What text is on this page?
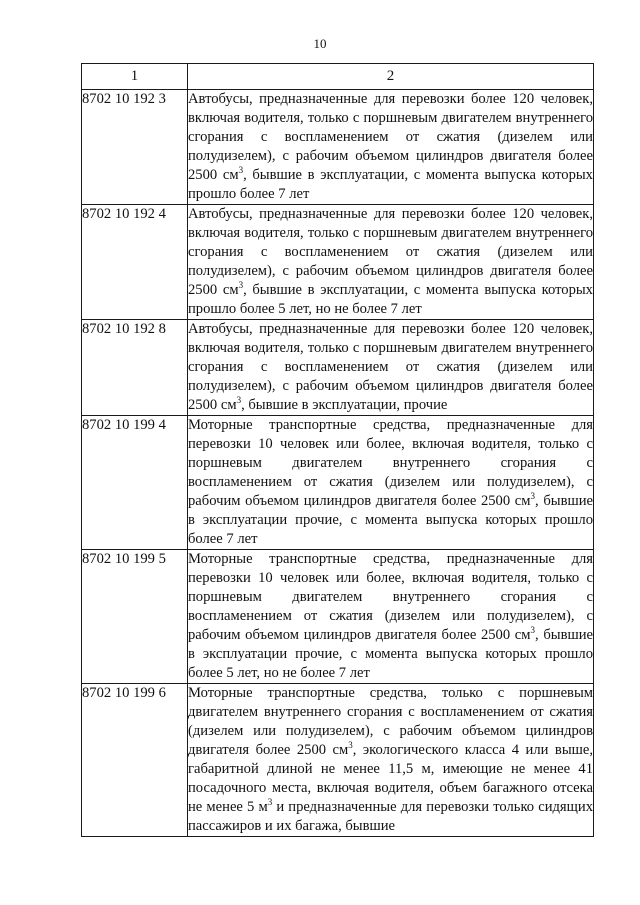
10
1	2
8702 10 192 3	Автобусы, предназначенные для перевозки более 120 человек, включая водителя, только с поршневым двигателем внутреннего сгорания с воспламенением от сжатия (дизелем или полудизелем), с рабочим объемом цилиндров двигателя более 2500 $см^3$, бывшие в эксплуатации, с момента выпуска которых прошло более 7 лет
8702 10 192 4	Автобусы, предназначенные для перевозки более 120 человек, включая водителя, только с поршневым двигателем внутреннего сгорания с воспламенением от сжатия (дизелем или полудизелем), с рабочим объемом цилиндров двигателя более 2500 $см^3$, бывшие в эксплуатации, с момента выпуска которых прошло более 5 лет, но не более 7 лет
8702 10 192 8	Автобусы, предназначенные для перевозки более 120 человек, включая водителя, только с поршневым двигателем внутреннего сгорания с воспламенением от сжатия (дизелем или полудизелем), с рабочим объемом цилиндров двигателя более 2500 $см^3$, бывшие в эксплуатации, прочие
8702 10 199 4	Моторные транспортные средства, предназначенные для перевозки 10 человек или более, включая водителя, только с поршневым двигателем внутреннего сгорания с воспламенением от сжатия (дизелем или полудизелем), с рабочим объемом цилиндров двигателя более 2500 $см^3$, бывшие в эксплуатации прочие, с момента выпуска которых прошло более 7 лет
8702 10 199 5	Моторные транспортные средства, предназначенные для перевозки 10 человек или более, включая водителя, только с поршневым двигателем внутреннего сгорания с воспламенением от сжатия (дизелем или полудизелем), с рабочим объемом цилиндров двигателя более 2500 $см^3$, бывшие в эксплуатации прочие, с момента выпуска которых прошло более 5 лет, но не более 7 лет
8702 10 199 6	Моторные транспортные средства, только с поршневым двигателем внутреннего сгорания с воспламенением от сжатия (дизелем или полудизелем), с рабочим объемом цилиндров двигателя более 2500 $см^3$, экологического класса 4 или выше, габаритной длиной не менее 11,5 м, имеющие не менее 41 посадочного места, включая водителя, объем багажного отсека не менее 5 $м^3$ и предназначенные для перевозки только сидящих пассажиров и их багажа, бывшие
